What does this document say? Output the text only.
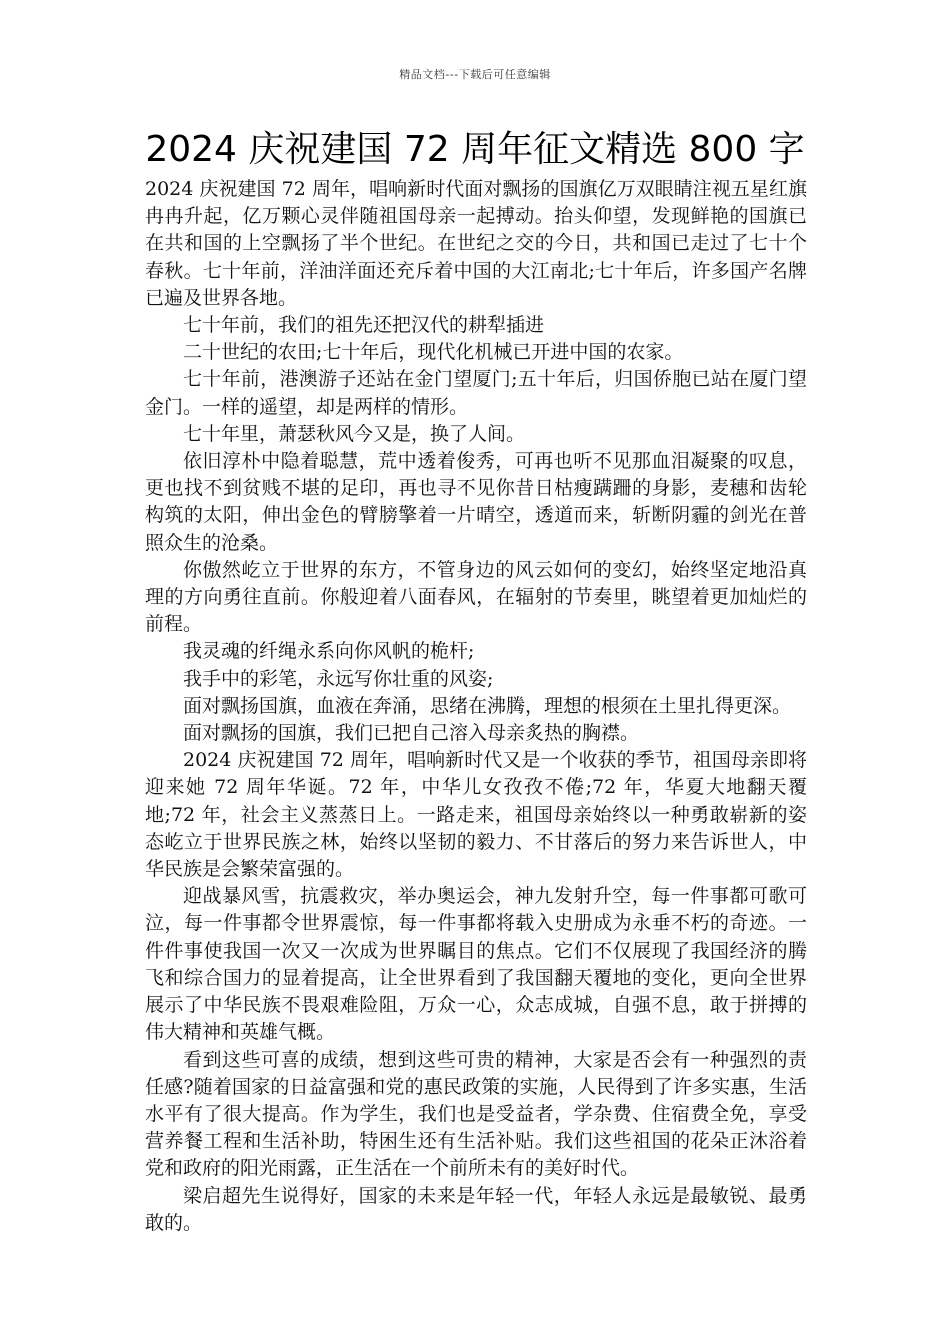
精品文档---下载后可任意编辑
2024 庆祝建国 72 周年征文精选 800 字

2024 庆祝建国 72 周年，唱响新时代面对飘扬的国旗亿万双眼睛注视五星红旗冉冉升起，亿万颗心灵伴随祖国母亲一起搏动。抬头仰望，发现鲜艳的国旗已在共和国的上空飘扬了半个世纪。在世纪之交的今日，共和国已走过了七十个春秋。七十年前，洋油洋面还充斥着中国的大江南北;七十年后，许多国产名牌已遍及世界各地。

七十年前，我们的祖先还把汉代的耕犁插进

二十世纪的农田;七十年后，现代化机械已开进中国的农家。

七十年前，港澳游子还站在金门望厦门;五十年后，归国侨胞已站在厦门望金门。一样的遥望，却是两样的情形。

七十年里，萧瑟秋风今又是，换了人间。

依旧淳朴中隐着聪慧，荒中透着俊秀，可再也听不见那血泪凝聚的叹息，更也找不到贫贱不堪的足印，再也寻不见你昔日枯瘦蹒跚的身影，麦穗和齿轮构筑的太阳，伸出金色的臂膀擎着一片晴空，透道而来，斩断阴霾的剑光在普照众生的沧桑。

你傲然屹立于世界的东方，不管身边的风云如何的变幻，始终坚定地沿真理的方向勇往直前。你般迎着八面春风，在辐射的节奏里，眺望着更加灿烂的前程。

我灵魂的纤绳永系向你风帆的桅杆;

我手中的彩笔，永远写你壮重的风姿;

面对飘扬国旗，血液在奔涌，思绪在沸腾，理想的根须在土里扎得更深。

面对飘扬的国旗，我们已把自己溶入母亲炙热的胸襟。

2024 庆祝建国 72 周年，唱响新时代又是一个收获的季节，祖国母亲即将迎来她 72 周年华诞。72 年，中华儿女孜孜不倦;72 年，华夏大地翻天覆地;72 年，社会主义蒸蒸日上。一路走来，祖国母亲始终以一种勇敢崭新的姿态屹立于世界民族之林，始终以坚韧的毅力、不甘落后的努力来告诉世人，中华民族是会繁荣富强的。

迎战暴风雪，抗震救灾，举办奥运会，神九发射升空，每一件事都可歌可泣，每一件事都令世界震惊，每一件事都将载入史册成为永垂不朽的奇迹。一件件事使我国一次又一次成为世界瞩目的焦点。它们不仅展现了我国经济的腾飞和综合国力的显着提高，让全世界看到了我国翻天覆地的变化，更向全世界展示了中华民族不畏艰难险阻，万众一心，众志成城，自强不息，敢于拼搏的伟大精神和英雄气概。

看到这些可喜的成绩，想到这些可贵的精神，大家是否会有一种强烈的责任感?随着国家的日益富强和党的惠民政策的实施，人民得到了许多实惠，生活水平有了很大提高。作为学生，我们也是受益者，学杂费、住宿费全免，享受营养餐工程和生活补助，特困生还有生活补贴。我们这些祖国的花朵正沐浴着党和政府的阳光雨露，正生活在一个前所未有的美好时代。

梁启超先生说得好，国家的未来是年轻一代，年轻人永远是最敏锐、最勇敢的。
